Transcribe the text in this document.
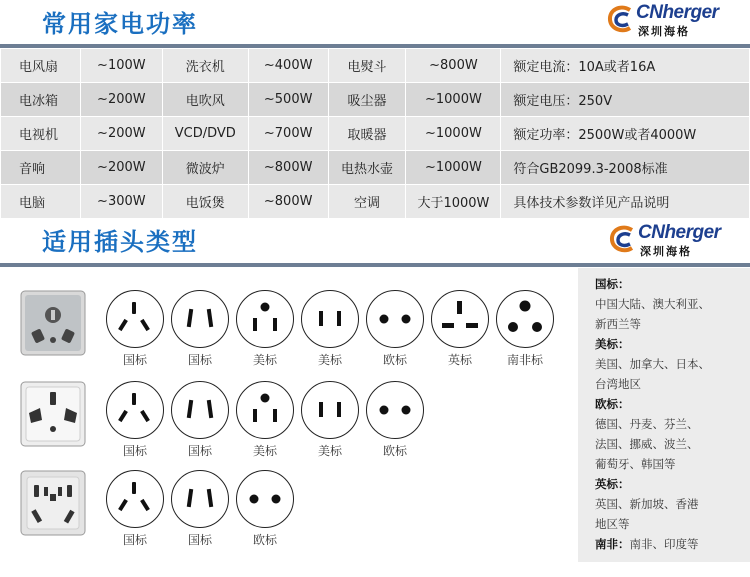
常用家电功率	CNherger
深圳海格
电风扇	~100W	洗衣机	~400W	电熨斗	~800W	额定电流：10A或者16A
电冰箱	~200W	电吹风	~500W	吸尘器	~1000W	额定电压：250V
电视机	~200W	VCD/DVD	~700W	取暖器	~1000W	额定功率：2500W或者4000W
音响	~200W	微波炉	~800W	电热水壶	~1000W	符合GB2099.3-2008标准
电脑	~300W	电饭煲	~800W	空调	大于1000W	具体技术参数详见产品说明
适用插头类型	CNherger
深圳海格
国标	国标	美标	美标	欧标	英标	南非标
国标	国标	美标	美标	欧标
国标	国标	欧标
国标：
中国大陆、澳大利亚、
新西兰等
美标：
美国、加拿大、日本、
台湾地区
欧标：
德国、丹麦、芬兰、
法国、挪威、波兰、
葡萄牙、韩国等
英标：
英国、新加坡、香港
地区等
南非：南非、印度等
